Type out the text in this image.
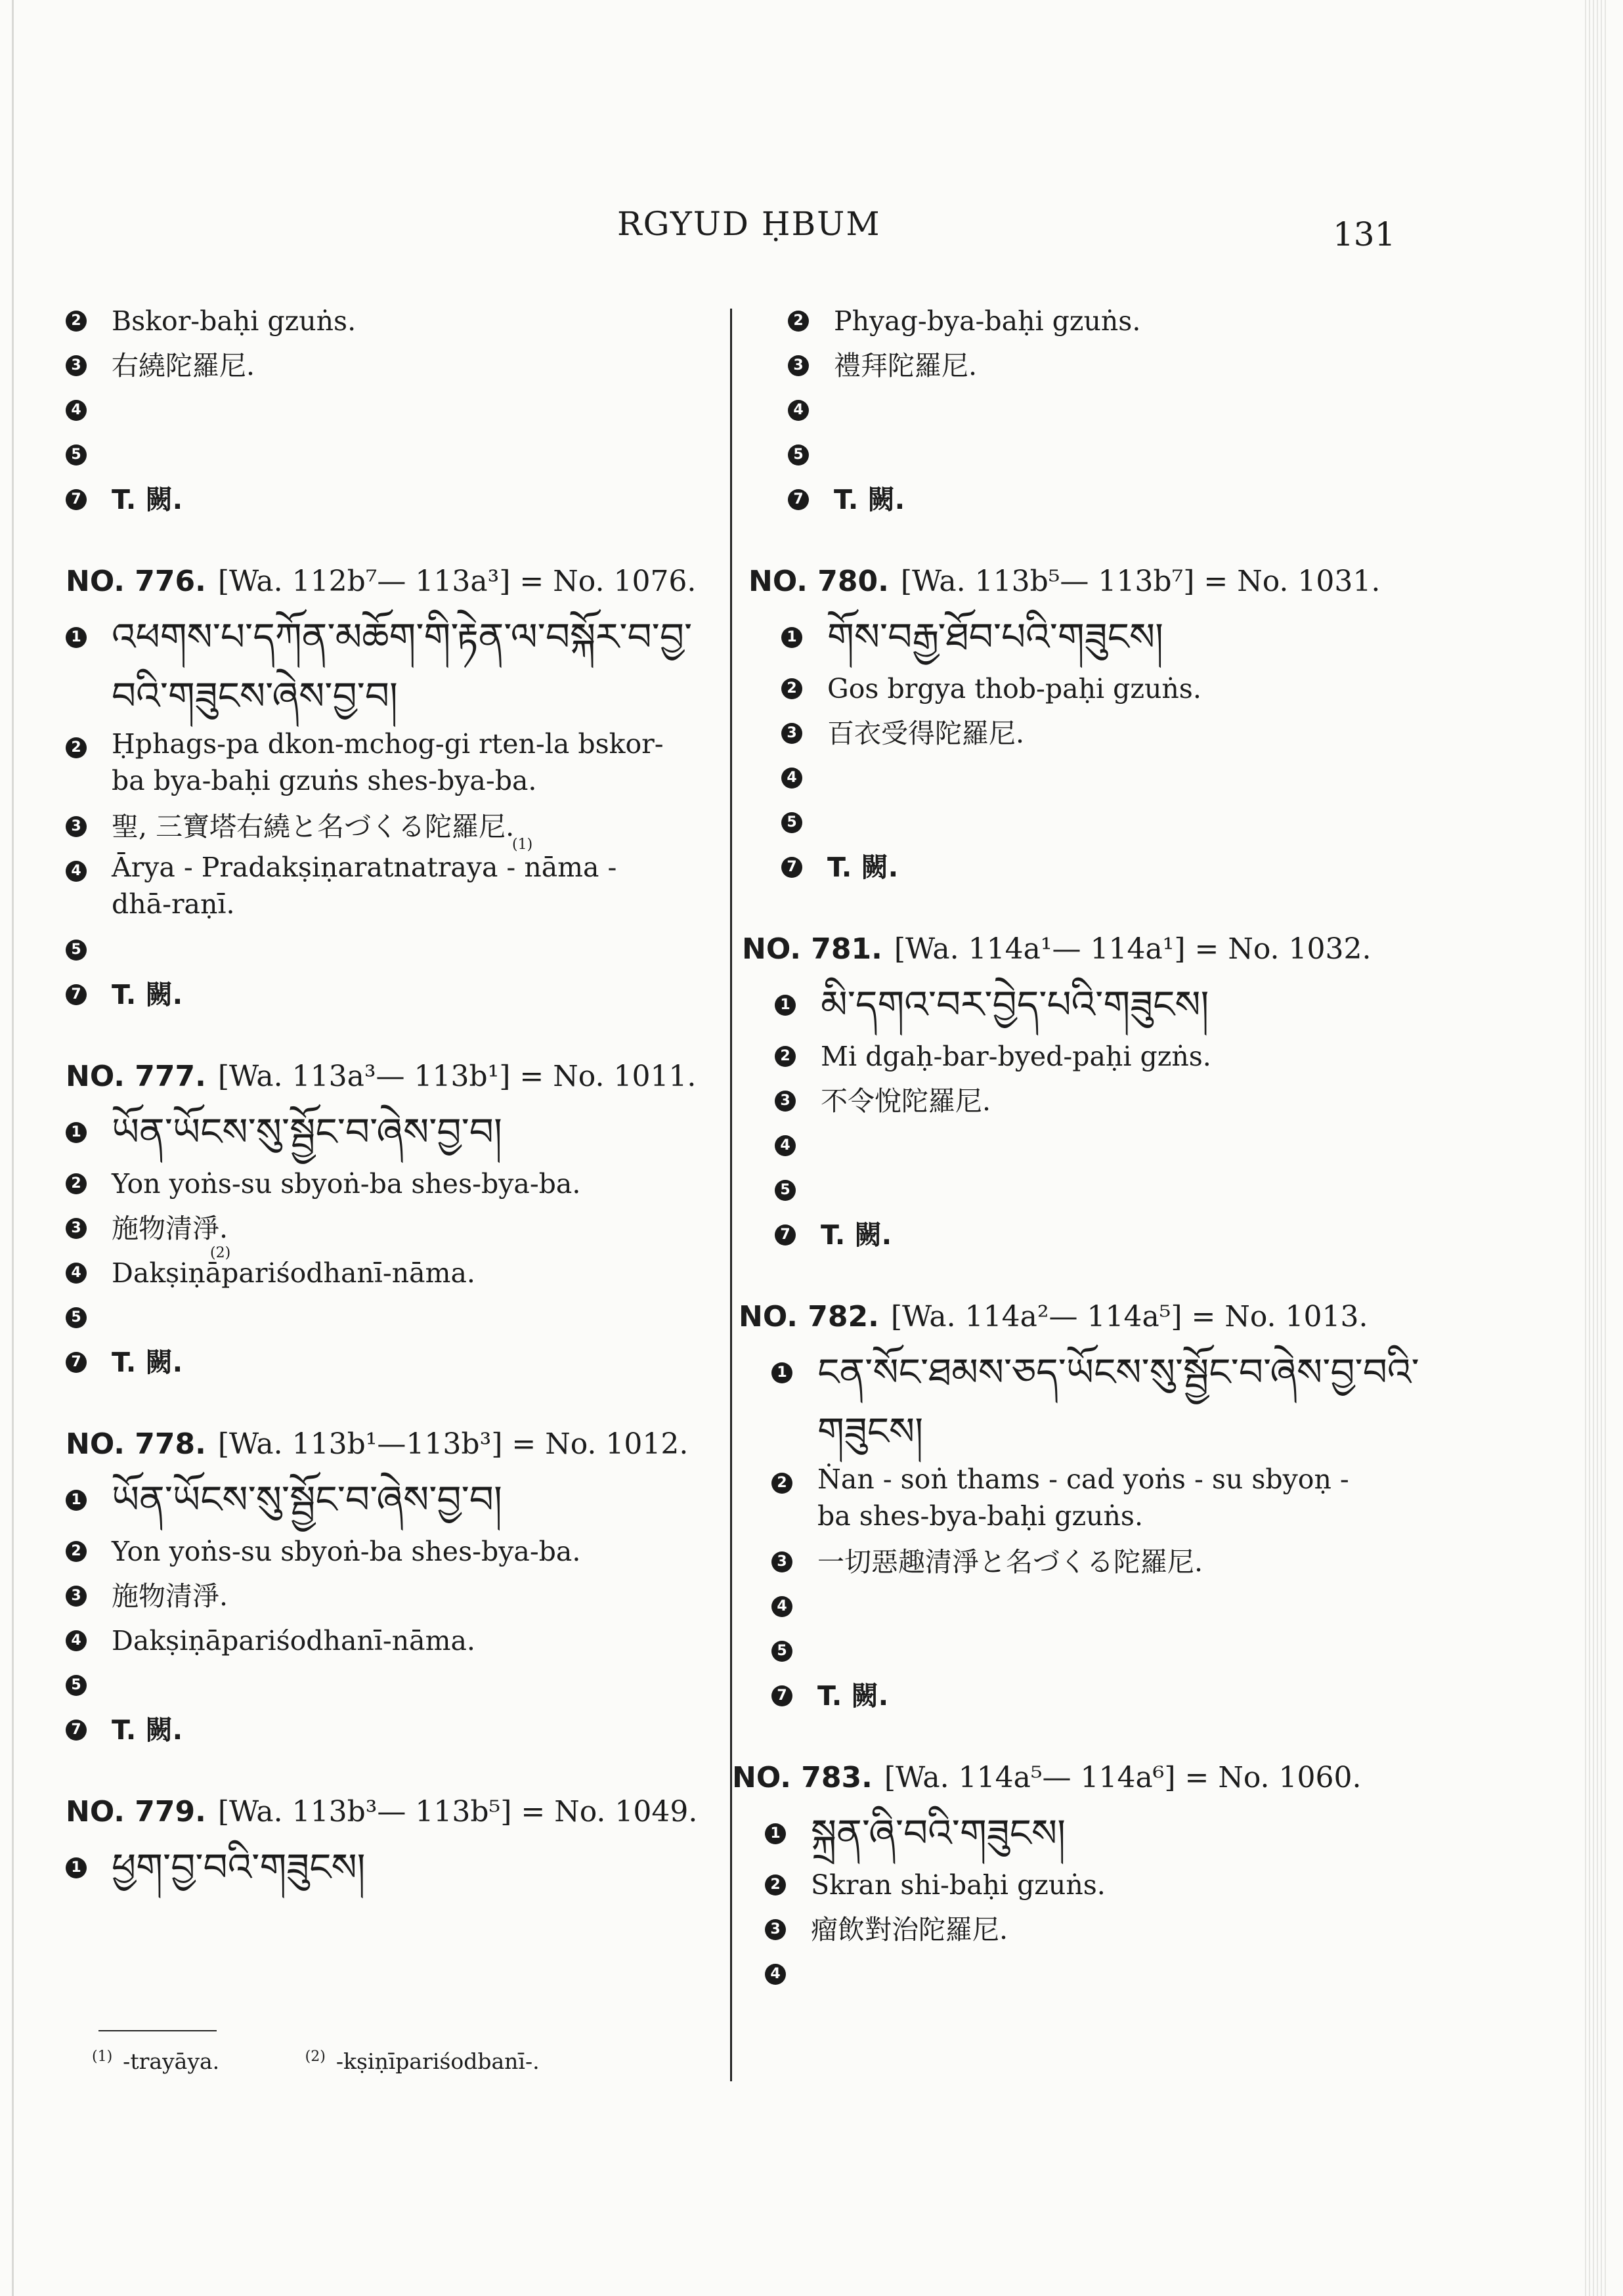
RGYUD ḤBUM	131
2 Bskor-baḥi gzuṅs.
3 右繞陀羅尼.
4
5
7 T. 闕.
NO. 776. [Wa. 112b⁷— 113a³] = No. 1076.
1 འཕགས་པ་དཀོན་མཆོག་གི་རྟེན་ལ་བསྐོར་བ་བྱ་
བའི་གཟུངས་ཞེས་བྱ་བ།
2 Ḥphags-pa dkon-mchog-gi rten-la bskor-ba bya-baḥi gzuṅs shes-bya-ba.
3 聖, 三寶塔右繞と名づくる陀羅尼.
4
(1)
Ārya - Pradakṣiṇaratnatraya - nāma - dhā-raṇī.
5
7 T. 闕.
NO. 777. [Wa. 113a³— 113b¹] = No. 1011.
1 ཡོན་ཡོངས་སུ་སྦྱོང་བ་ཞེས་བྱ་བ།
2 Yon yoṅs-su sbyoṅ-ba shes-bya-ba.
3 施物清淨.
4
(2)
Dakṣiṇāpariśodhanī-nāma.
5
7 T. 闕.
NO. 778. [Wa. 113b¹—113b³] = No. 1012.
1 ཡོན་ཡོངས་སུ་སྦྱོང་བ་ཞེས་བྱ་བ།
2 Yon yoṅs-su sbyoṅ-ba shes-bya-ba.
3 施物清淨.
4 Dakṣiṇāpariśodhanī-nāma.
5
7 T. 闕.
NO. 779. [Wa. 113b³— 113b⁵] = No. 1049.
1 ཕྱག་བྱ་བའི་གཟུངས།
$^{(1)}$ -trayāya.	$^{(2)}$ -kṣiṇīpariśodbanī-.
2 Phyag-bya-baḥi gzuṅs.
3 禮拜陀羅尼.
4
5
7 T. 闕.
NO. 780. [Wa. 113b⁵— 113b⁷] = No. 1031.
1 གོས་བརྒྱ་ཐོབ་པའི་གཟུངས།
2 Gos brgya thob-paḥi gzuṅs.
3 百衣受得陀羅尼.
4
5
7 T. 闕.
NO. 781. [Wa. 114a¹— 114a¹] = No. 1032.
1 མི་དགའ་བར་བྱེད་པའི་གཟུངས།
2 Mi dgaḥ-bar-byed-paḥi gzṅs.
3 不令悅陀羅尼.
4
5
7 T. 闕.
NO. 782. [Wa. 114a²— 114a⁵] = No. 1013.
1 ངན་སོང་ཐམས་ཅད་ཡོངས་སུ་སྦྱོང་བ་ཞེས་བྱ་བའི་
གཟུངས།
2 Ṅan - soṅ thams - cad yoṅs - su sbyoṇ - ba shes-bya-baḥi gzuṅs.
3 一切惡趣清淨と名づくる陀羅尼.
4
5
7 T. 闕.
NO. 783. [Wa. 114a⁵— 114a⁶] = No. 1060.
1 སྐྲན་ཞི་བའི་གཟུངས།
2 Skran shi-baḥi gzuṅs.
3 瘤飲對治陀羅尼.
4
